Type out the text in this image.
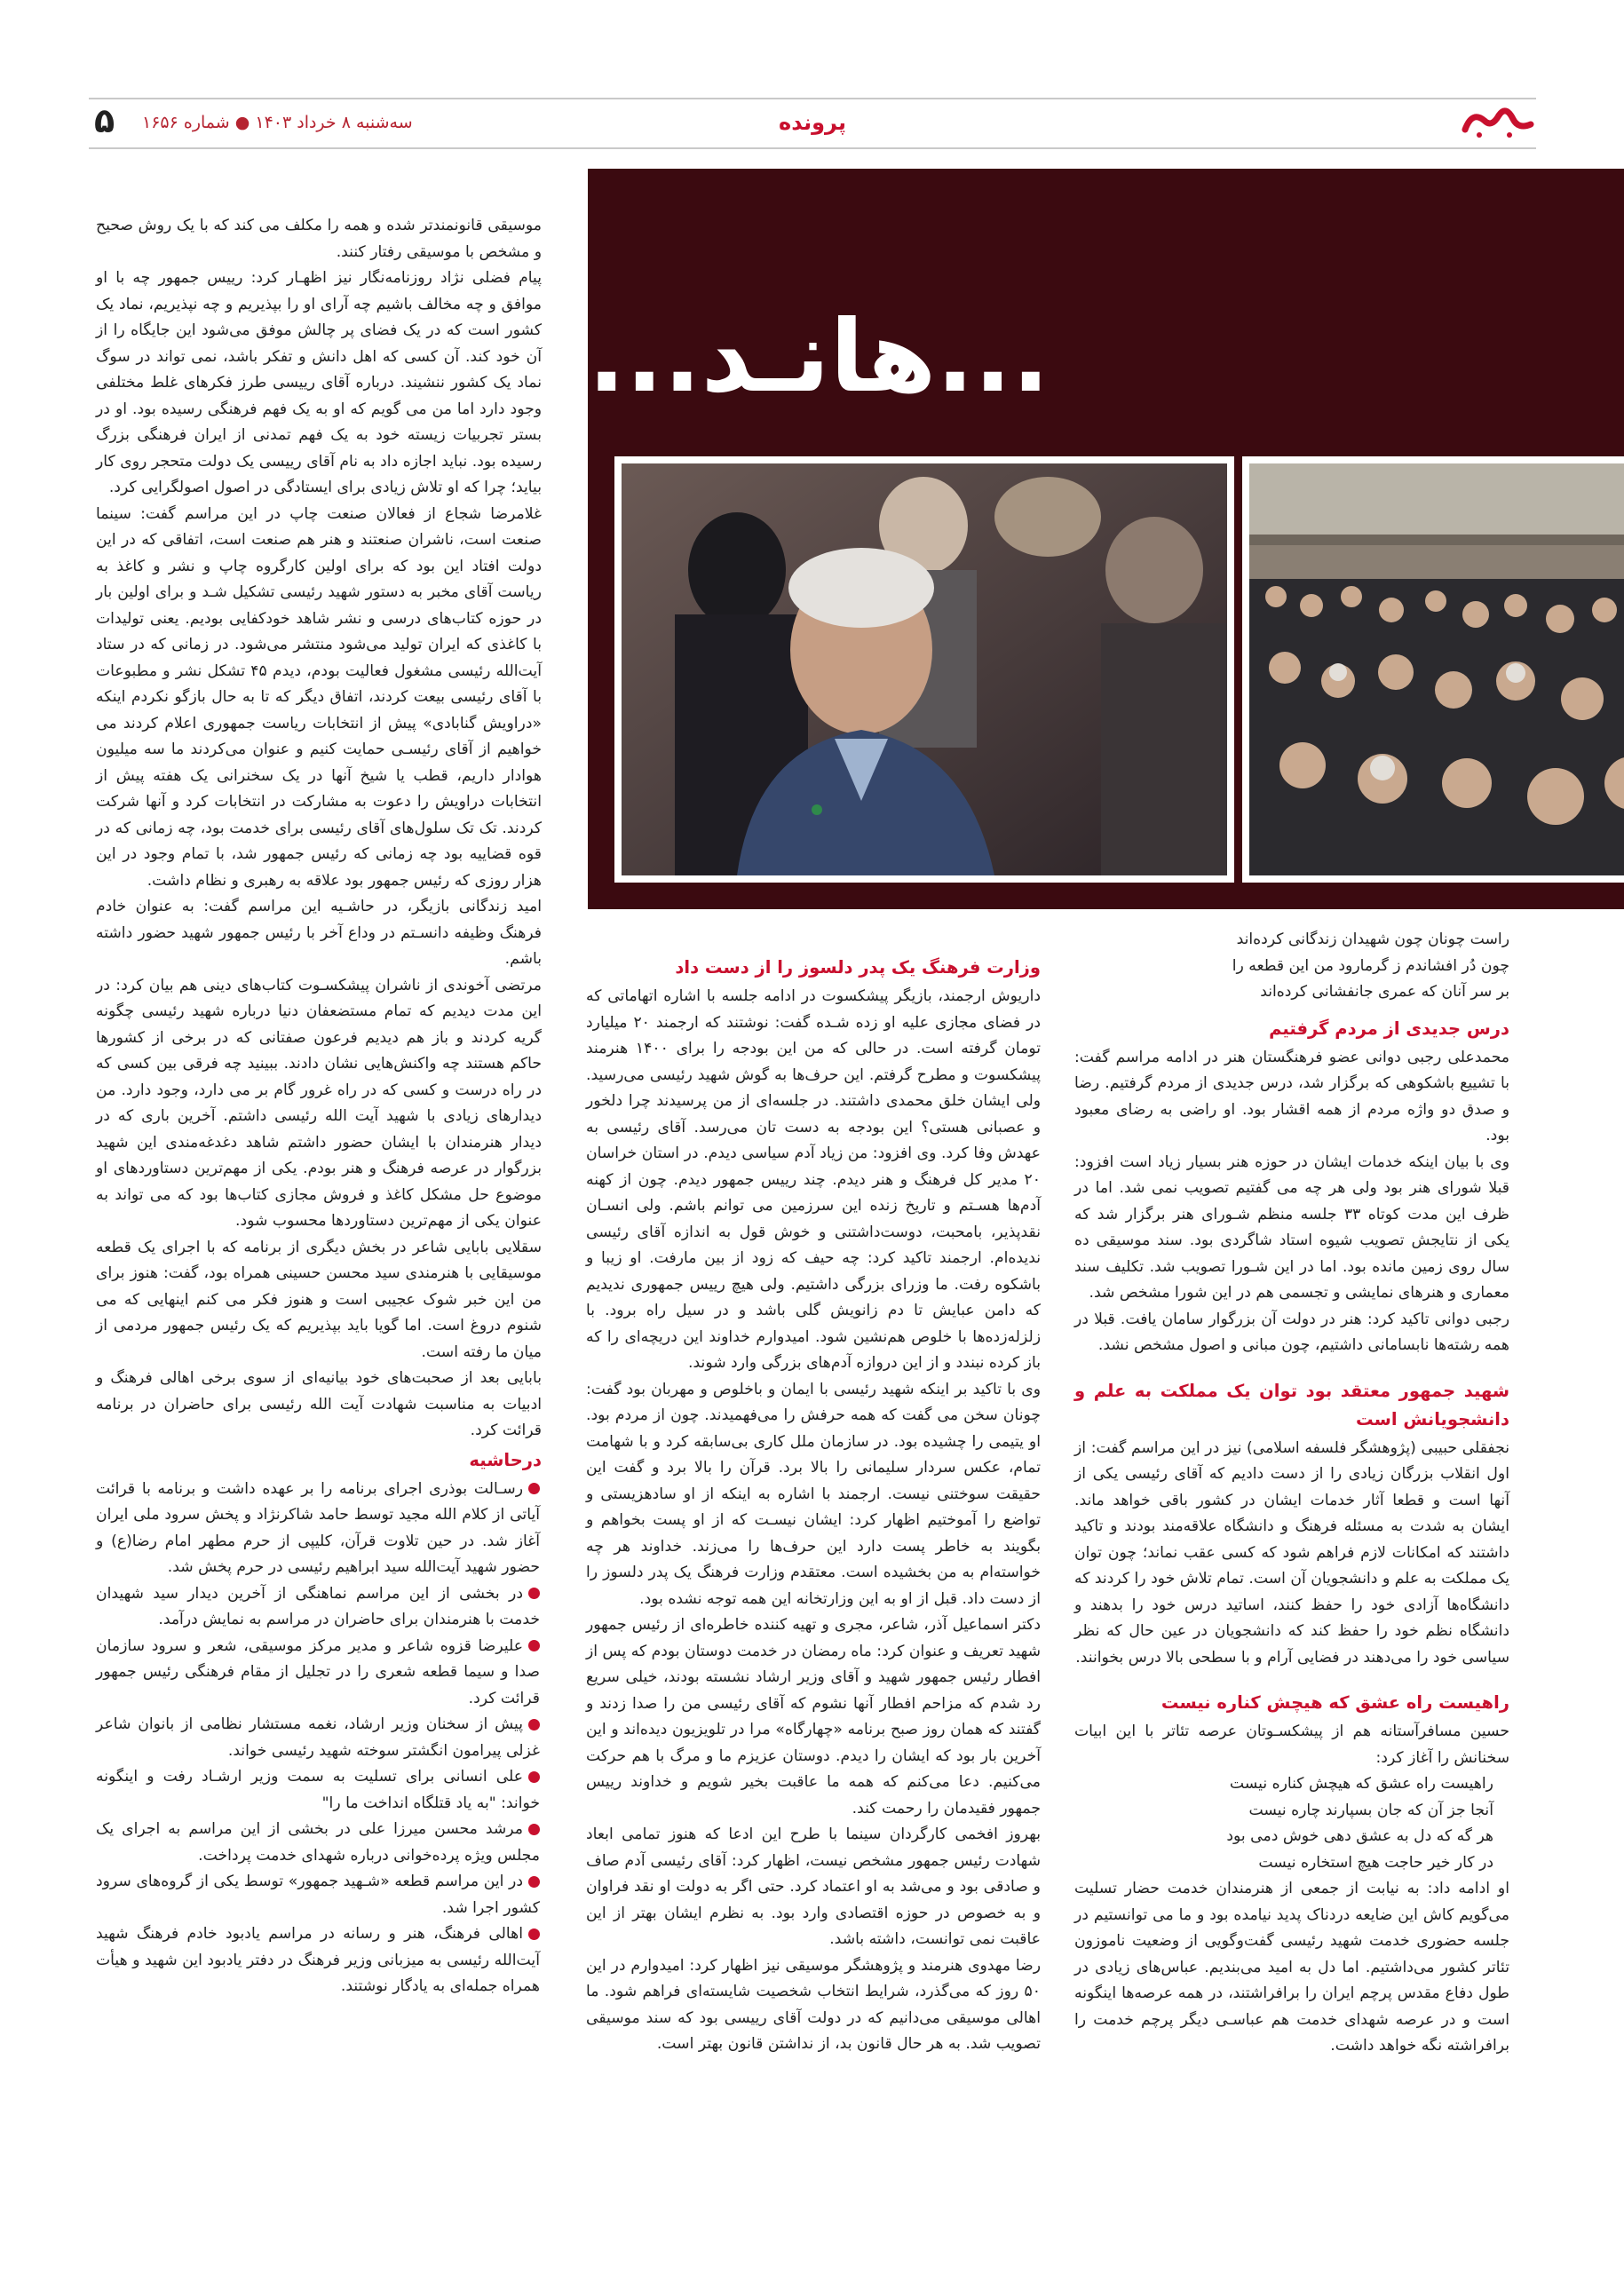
پرونده
سه‌شنبه ۸ خرداد ۱۴۰۳ ● شماره ۱۶۵۶
۵
...هانـد...
راست چونان چون شهیدان زندگانی کرده‌اند
چون دُر افشاندم ز گرمارود من این قطعه را
بر سر آنان که عمری جانفشانی کرده‌اند
درس جدیدی از مردم گرفتیم

محمدعلی رجبی دوانی عضو فرهنگستان هنر در ادامه مراسم گفت: با تشییع باشکوهی که برگزار شد، درس جدیدی از مردم گرفتیم. رضا و صدق دو واژه مردم از همه اقشار بود. او راضی به رضای معبود بود.

وی با بیان اینکه خدمات ایشان در حوزه هنر بسیار زیاد است افزود: قبلا شورای هنر بود ولی هر چه می گفتیم تصویب نمی شد. اما در ظرف این مدت کوتاه ۳۳ جلسه منظم شـورای هنر برگزار شد که یکی از نتایجش تصویب شیوه استاد شاگردی بود. سند موسیقی ده سال روی زمین مانده بود. اما در این شـورا تصویب شد. تکلیف سند معماری و هنرهای نمایشی و تجسمی هم در این شورا مشخص شد.

رجبی دوانی تاکید کرد: هنر در دولت آن بزرگوار سامان یافت. قبلا در همه رشته‌ها نابسامانی داشتیم، چون مبانی و اصول مشخص نشد.

شهید جمهور معتقد بود توان یک مملکت به علم و دانشجویانش است

نجفقلی حبیبی (پژوهشگر فلسفه اسلامی) نیز در این مراسم گفت: از اول انقلاب بزرگان زیادی را از دست دادیم که آقای رئیسی یکی از آنها است و قطعا آثار خدمات ایشان در کشور باقی خواهد ماند. ایشان به شدت به مسئله فرهنگ و دانشگاه علاقه‌مند بودند و تاکید داشتند که امکانات لازم فراهم شود که کسی عقب نماند؛ چون توان یک مملکت به علم و دانشجویان آن است. تمام تلاش خود را کردند که دانشگاه‌ها آزادی خود را حفظ کنند، اساتید درس خود را بدهند و دانشگاه نظم خود را حفظ کند که دانشجویان در عین حال که نظر سیاسی خود را می‌دهند در فضایی آرام و با سطحی بالا درس بخوانند.

راهیست راه عشق که هیچش کناره نیست

حسین مسافرآستانه هم از پیشکسـوتان عرصه تئاتر با این ابیات سخنانش را آغاز کرد:

راهیست راه عشق که هیچش کناره نیست
آنجا جز آن که جان بسپارند چاره نیست
هر گه که دل به عشق دهی خوش دمی بود
در کار خیر حاجت هیچ استخاره نیست

او ادامه داد: به نیابت از جمعی از هنرمندان خدمت حضار تسلیت می‌گویم کاش این ضایعه دردناک پدید نیامده بود و ما می توانستیم در جلسه حضوری خدمت شهید رئیسی گفت‌وگویی از وضعیت ناموزون تئاتر کشور می‌داشتیم. اما دل به امید می‌بندیم. عباس‌های زیادی در طول دفاع مقدس پرچم ایران را برافراشتند، در همه عرصه‌ها اینگونه است و در عرصه شهدای خدمت هم عباسـی دیگر پرچم خدمت را برافراشته نگه خواهد داشت.

وزارت فرهنگ یک پدر دلسوز را از دست داد

داریوش ارجمند، بازیگر پیشکسوت در ادامه جلسه با اشاره اتهاماتی که در فضای مجازی علیه او زده شـده گفت: نوشتند که ارجمند ۲۰ میلیارد تومان گرفته است. در حالی که من این بودجه را برای ۱۴۰۰ هنرمند پیشکسوت و مطرح گرفتم. این حرف‌ها به گوش شهید رئیسی می‌رسید. ولی ایشان خلق محمدی داشتند. در جلسه‌ای از من پرسیدند چرا دلخور و عصبانی هستی؟ این بودجه به دست تان می‌رسد. آقای رئیسی به عهدش وفا کرد. وی افزود: من زیاد آدم سیاسی دیدم. در استان خراسان ۲۰ مدیر کل فرهنگ و هنر دیدم. چند رییس جمهور دیدم. چون از کهنه آدم‌ها هسـتم و تاریخ زنده این سرزمین می توانم باشم. ولی انسـان نقدپذیر، بامحبت، دوست‌داشتنی و خوش قول به اندازه آقای رئیسی ندیده‌ام. ارجمند تاکید کرد: چه حیف که زود از بین مارفت. او زیبا و باشکوه رفت. ما وزرای بزرگی داشتیم. ولی هیچ رییس جمهوری ندیدیم که دامن عبایش تا دم زانویش گلی باشد و در سیل راه برود. با زلزله‌زده‌ها با خلوص هم‌نشین شود. امیدوارم خداوند این دریچه‌ای را که باز کرده نبندد و از این دروازه آدم‌های بزرگی وارد شوند.

وی با تاکید بر اینکه شهید رئیسی با ایمان و باخلوص و مهربان بود گفت: چونان سخن می گفت که همه حرفش را می‌فهمیدند. چون از مردم بود. او یتیمی را چشیده بود. در سازمان ملل کاری بی‌سابقه کرد و با شهامت تمام، عکس سردار سلیمانی را بالا برد. قرآن را بالا برد و گفت این حقیقت سوختنی نیست. ارجمند با اشاره به اینکه از او سادهزیستی و تواضع را آموختیم اظهار کرد: ایشان نیسـت که از او پست بخواهم و بگویند به خاطر پست دارد این حرف‌ها را می‌زند. خداوند هر چه خواسته‌ام به من بخشیده است. معتقدم وزارت فرهنگ یک پدر دلسوز را از دست داد. قبل از او به این وزارتخانه این همه توجه نشده بود.

دکتر اسماعیل آذر، شاعر، مجری و تهیه کننده خاطره‌ای از رئیس جمهور شهید تعریف و عنوان کرد: ماه رمضان در خدمت دوستان بودم که پس از افطار رئیس جمهور شهید و آقای وزیر ارشاد نشسته بودند، خیلی سریع رد شدم که مزاحم افطار آنها نشوم که آقای رئیسی من را صدا زدند و گفتند که همان روز صبح برنامه «چهارگاه» مرا در تلویزیون دیده‌اند و این آخرین بار بود که ایشان را دیدم. دوستان عزیزم ما و مرگ با هم حرکت می‌کنیم. دعا می‌کنم که همه ما عاقبت بخیر شویم و خداوند رییس جمهور فقیدمان را رحمت کند.

بهروز افخمی کارگردان سینما با طرح این ادعا که هنوز تمامی ابعاد شهادت رئیس جمهور مشخص نیست، اظهار کرد: آقای رئیسی آدم صاف و صادقی بود و می‌شد به او اعتماد کرد. حتی اگر به دولت او نقد فراوان و به خصوص در حوزه اقتصادی وارد بود. به نظرم ایشان بهتر از این عاقبت نمی توانست، داشته باشد.

رضا مهدوی هنرمند و پژوهشگر موسیقی نیز اظهار کرد: امیدوارم در این ۵۰ روز که می‌گذرد، شرایط انتخاب شخصیت شایسته‌ای فراهم شود. ما اهالی موسیقی می‌دانیم که در دولت آقای رییسی بود که سند موسیقی تصویب شد. به هر حال قانون بد، از نداشتن قانون بهتر است.

موسیقی قانونمندتر شده و همه را مکلف می کند که با یک روش صحیح و مشخص با موسیقی رفتار کنند.

پیام فضلی نژاد روزنامه‌نگار نیز اظهـار کرد: رییس جمهور چه با او موافق و چه مخالف باشیم چه آرای او را بپذیریم و چه نپذیریم، نماد یک کشور است که در یک فضای پر چالش موفق می‌شود این جایگاه را از آن خود کند. آن کسی که اهل دانش و تفکر باشد، نمی تواند در سوگ نماد یک کشور ننشیند. درباره آقای رییسی طرز فکرهای غلط مختلفی وجود دارد اما من می گویم که او به یک فهم فرهنگی رسیده بود. او در بستر تجربیات زیسته خود به یک فهم تمدنی از ایران فرهنگی بزرگ رسیده بود. نباید اجازه داد به نام آقای رییسی یک دولت متحجر روی کار بیاید؛ چرا که او تلاش زیادی برای ایستادگی در اصول اصولگرایی کرد.

غلامرضا شجاع از فعالان صنعت چاپ در این مراسم گفت: سینما صنعت است، ناشران صنعتند و هنر هم صنعت است، اتفاقی که در این دولت افتاد این بود که برای اولین کارگروه چاپ و نشر و کاغذ به ریاست آقای مخبر به دستور شهید رئیسی تشکیل شـد و برای اولین بار در حوزه کتاب‌های درسی و نشر شاهد خودکفایی بودیم. یعنی تولیدات با کاغذی که ایران تولید می‌شود منتشر می‌شود. در زمانی که در ستاد آیت‌الله رئیسی مشغول فعالیت بودم، دیدم ۴۵ تشکل نشر و مطبوعات با آقای رئیسی بیعت کردند، اتفاق دیگر که تا به حال بازگو نکردم اینکه «دراویش گنابادی» پیش از انتخابات ریاست جمهوری اعلام کردند می خواهیم از آقای رئیسـی حمایت کنیم و عنوان می‌کردند ما سه میلیون هوادار داریم، قطب یا شیخ آنها در یک سخنرانی یک هفته پیش از انتخابات دراویش را دعوت به مشارکت در انتخابات کرد و آنها شرکت کردند. تک تک سلول‌های آقای رئیسی برای خدمت بود، چه زمانی که در قوه قضاییه بود چه زمانی که رئیس جمهور شد، با تمام وجود در این هزار روزی که رئیس جمهور بود علاقه به رهبری و نظام داشت.

امید زندگانی بازیگر، در حاشـیه این مراسم گفت: به عنوان خادم فرهنگ وظیفه دانسـتم در وداع آخر با رئیس جمهور شهید حضور داشته باشم.

مرتضی آخوندی از ناشران پیشکسـوت کتاب‌های دینی هم بیان کرد: در این مدت دیدیم که تمام مستضعفان دنیا درباره شهید رئیسی چگونه گریه کردند و باز هم دیدیم فرعون صفتانی که در برخی از کشورها حاکم هستند چه واکنش‌هایی نشان دادند. ببینید چه فرقی بین کسی که در راه درست و کسی که در راه غرور گام بر می دارد، وجود دارد. من دیدارهای زیادی با شهید آیت الله رئیسی داشتم. آخرین باری که در دیدار هنرمندان با ایشان حضور داشتم شاهد دغدغه‌مندی این شهید بزرگوار در عرصه فرهنگ و هنر بودم. یکی از مهم‌ترین دستاوردهای او موضوع حل مشکل کاغذ و فروش مجازی کتاب‌ها بود که می تواند به عنوان یکی از مهم‌ترین دستاوردها محسوب شود.

سقلایی بابایی شاعر در بخش دیگری از برنامه که با اجرای یک قطعه موسیقایی با هنرمندی سید محسن حسینی همراه بود، گفت: هنوز برای من این خبر شوک عجیبی است و هنوز فکر می کنم اینهایی که می شنوم دروغ است. اما گویا باید بپذیریم که یک رئیس جمهور مردمی از میان ما رفته است.

بابایی بعد از صحبت‌های خود بیانیه‌ای از سوی برخی اهالی فرهنگ و ادبیات به مناسبت شهادت آیت الله رئیسی برای حاضران در برنامه قرائت کرد.

درحاشیه
رسـالت بوذری اجرای برنامه را بر عهده داشت و برنامه با قرائت آیاتی از کلام الله مجید توسط حامد شاکرنژاد و پخش سرود ملی ایران آغاز شد. در حین تلاوت قرآن، کلیپی از حرم مطهر امام رضا(ع) و حضور شهید آیت‌الله سید ابراهیم رئیسی در حرم پخش شد.
در بخشی از این مراسم نماهنگی از آخرین دیدار سید شهیدان خدمت با هنرمندان برای حاضران در مراسم به نمایش درآمد.
علیرضا قزوه شاعر و مدیر مرکز موسیقی، شعر و سرود سازمان صدا و سیما قطعه شعری را در تجلیل از مقام فرهنگی رئیس جمهور قرائت کرد.
پیش از سخنان وزیر ارشاد، نغمه مستشار نظامی از بانوان شاعر غزلی پیرامون انگشتر سوخته شهید رئیسی خواند.
علی انسانی برای تسلیت به سمت وزیر ارشـاد رفت و اینگونه خواند: "به یاد قتلگاه انداخت ما را"
مرشد محسن میرزا علی در بخشی از این مراسم به اجرای یک مجلس ویژه پرده‌خوانی درباره شهدای خدمت پرداخت.
در این مراسم قطعه «شـهید جمهور» توسط یکی از گروه‌های سرود کشور اجرا شد.
اهالی فرهنگ، هنر و رسانه در مراسم یادبود خادم فرهنگ شهید آیت‌الله رئیسی به میزبانی وزیر فرهنگ در دفتر یادبود این شهید و هیأت همراه جمله‌ای به یادگار نوشتند.
